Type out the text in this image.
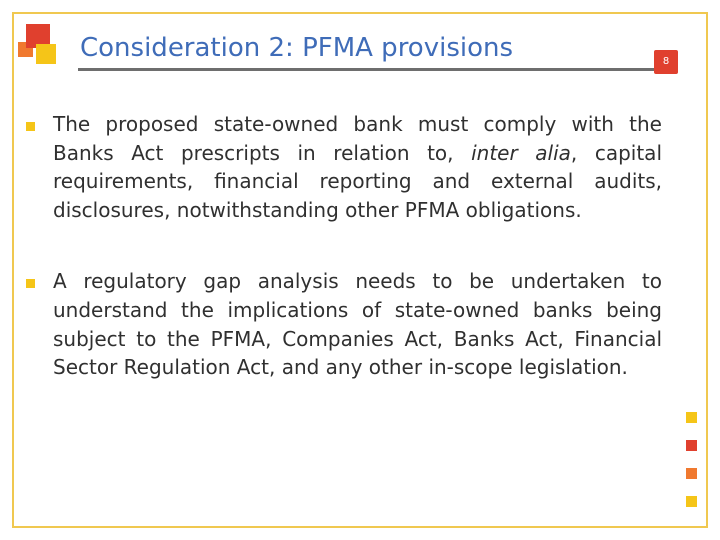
Consideration 2: PFMA provisions	8

The proposed state-owned bank must comply with the Banks Act prescripts in relation to, inter alia, capital requirements, financial reporting and external audits, disclosures, notwithstanding other PFMA obligations.

A regulatory gap analysis needs to be undertaken to understand the implications of state-owned banks being subject to the PFMA, Companies Act, Banks Act, Financial Sector Regulation Act, and any other in-scope legislation.
